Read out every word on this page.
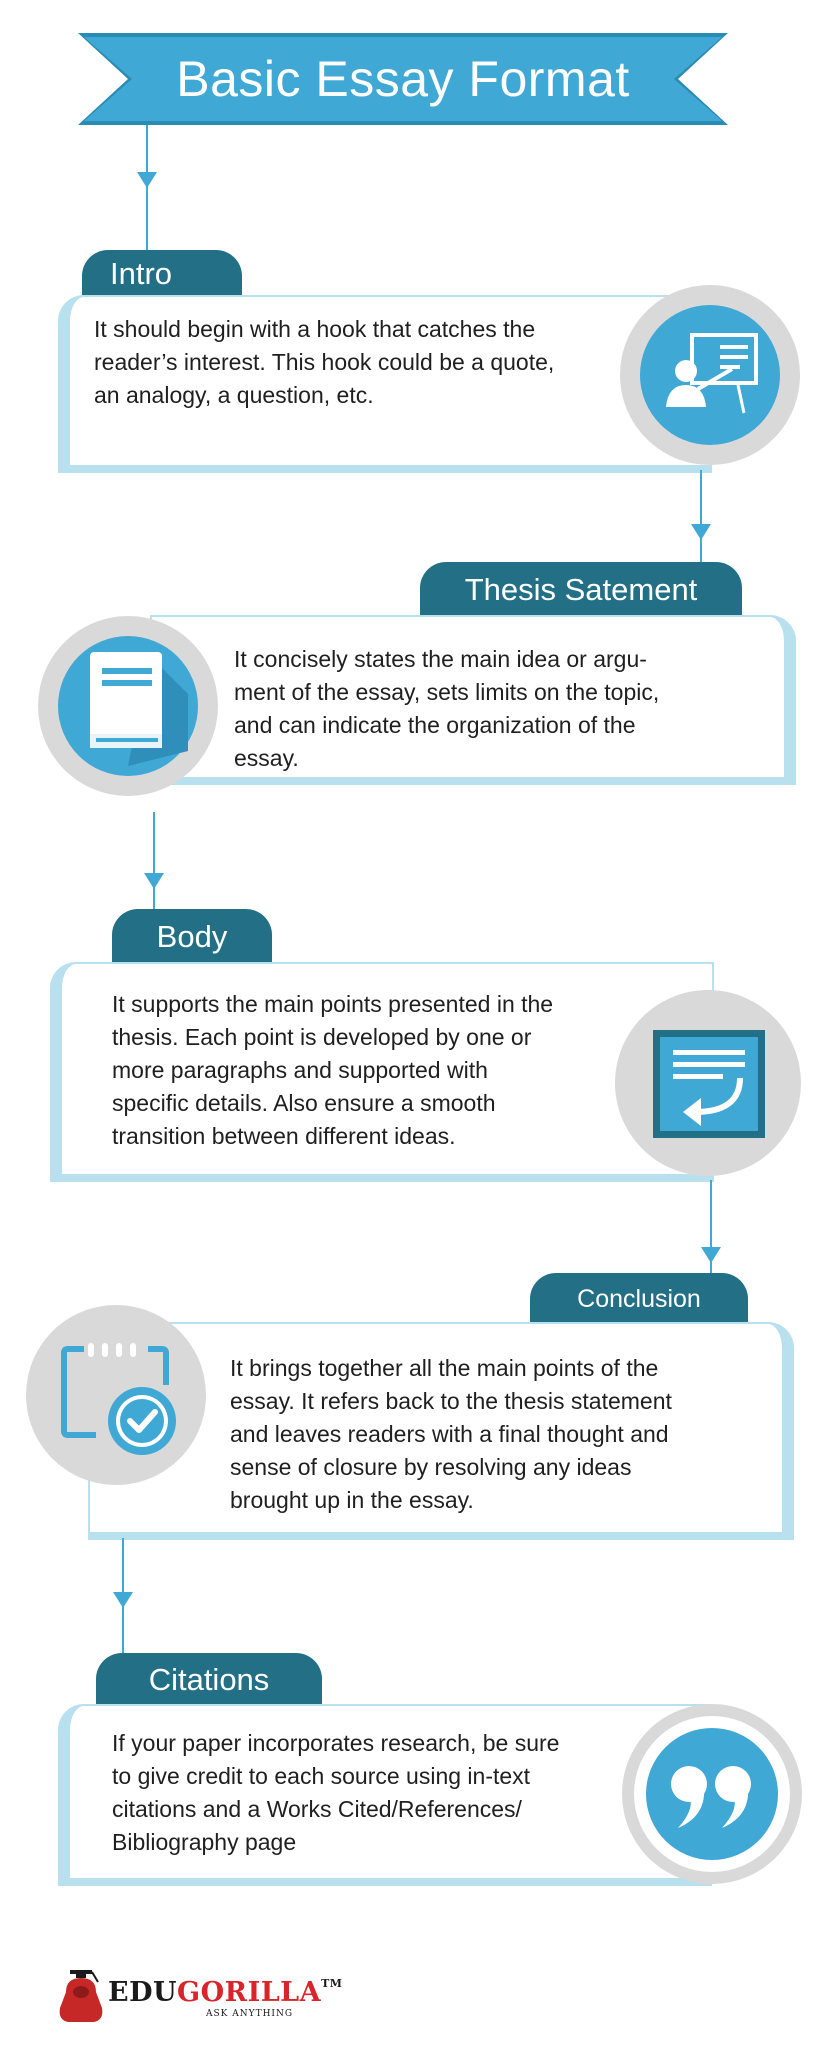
Basic Essay Format
Intro
It should begin with a hook that catches the
reader’s interest. This hook could be a quote,
an analogy, a question, etc.
Thesis Satement
It concisely states the main idea or argu-
ment of the essay, sets limits on the topic,
and can indicate the organization of the
essay.
Body
It supports the main points presented in the
thesis. Each point is developed by one or
more paragraphs and supported with
specific details. Also ensure a smooth
transition between different ideas.
Conclusion
It brings together all the main points of the
essay. It refers back to the thesis statement
and leaves readers with a final thought and
sense of closure by resolving any ideas
brought up in the essay.
Citations
If your paper incorporates research, be sure
to give credit to each source using in-text
citations and a Works Cited/References/
Bibliography page
EDUGORILLA™
ASK ANYTHING
